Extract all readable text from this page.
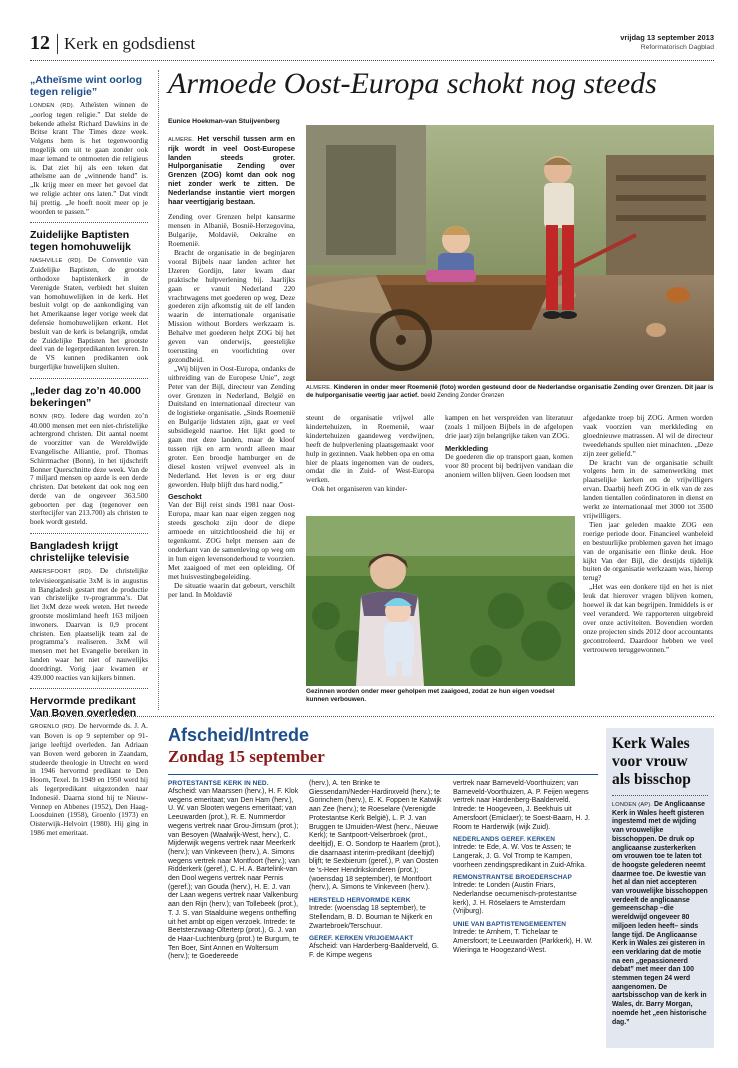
12 Kerk en godsdienst	vrijdag 13 september 2013
Reformatorisch Dagblad
„Atheïsme wint oorlog tegen religie”

LONDEN (RD). Atheïsten winnen de „oorlog tegen religie.” Dat stelde de bekende atheïst Richard Dawkins in de Britse krant The Times deze week. Volgens hem is het tegenwoordig mogelijk om uit te gaan zonder ook maar iemand te ontmoeten die religieus is. Dat ziet hij als een teken dat atheïsme aan de „winnende hand” is. „Ik krijg meer en meer het gevoel dat we religie achter ons laten.” Dat vindt hij prettig. „Je hoeft nooit meer op je woorden te passen.”

Zuidelijke Baptisten tegen homohuwelijk

NASHVILLE (RD). De Conventie van Zuidelijke Baptisten, de grootste orthodoxe baptistenkerk in de Verenigde Staten, verbiedt het sluiten van homohuwelijken in de kerk. Het besluit volgt op de aankondiging van het Amerikaanse leger vorige week dat defensie homohuwelijken erkent. Het besluit van de kerk is belangrijk, omdat de Zuidelijke Baptisten het grootste deel van de legerpredikanten leveren. In de VS kunnen predikanten ook burgerlijke huwelijken sluiten.

„Ieder dag zo’n 40.000 bekeringen”

BONN (RD). Iedere dag worden zo’n 40.000 mensen met een niet-christelijke achtergrond christen. Dit aantal noemt de voorzitter van de Wereldwijde Evangelische Alliantie, prof. Thomas Schirrmacher (Bonn), in het tijdschrift Bonner Querschnitte deze week. Van de 7 miljard mensen op aarde is een derde christen. Dat betekent dat ook nog een derde van de ongeveer 363.500 geboorten per dag (tegenover een sterftecijfer van 213.700) als christen te boek wordt gesteld.

Bangladesh krijgt christelijke televisie

AMERSFOORT (RD). De christelijke televisieorganisatie 3xM is in augustus in Bangladesh gestart met de productie van christelijke tv-programma’s. Dat liet 3xM deze week weten. Het tweede grootste moslimland heeft 163 miljoen inwoners. Daarvan is 0,9 procent christen. Een plaatselijk team zal de programma’s realiseren. 3xM wil mensen met het Evangelie bereiken in landen waar het niet of nauwelijks doordringt. Vorig jaar kwamen er 439.000 reacties van kijkers binnen.

Hervormde predikant Van Boven overleden

GROENLO (RD). De hervormde ds. J. A. van Boven is op 9 september op 91-jarige leeftijd overleden. Jan Adriaan van Boven werd geboren in Zaandam, studeerde theologie in Utrecht en werd in 1946 hervormd predikant te Den Hoorn, Texel. In 1949 en 1950 werd hij als legerpredikant uitgezonden naar Indonesië. Daarna stond hij te Nieuw-Vennep en Abbenes (1952), Den Haag-Loosduinen (1958), Groenlo (1973) en Oisterwijk-Helvoirt (1980). Hij ging in 1986 met emeritaat.

Armoede Oost-Europa schokt nog steeds
Eunice Hoekman-van Stuijvenberg

ALMERE. Het verschil tussen arm en rijk wordt in veel Oost-Europese landen steeds groter. Hulporganisatie Zending over Grenzen (ZOG) komt dan ook nog niet zonder werk te zitten. De Nederlandse instantie viert morgen haar veertigjarig bestaan.

Zending over Grenzen helpt kansarme mensen in Albanië, Bosnië-Herzegovina, Bulgarije, Moldavië, Oekraïne en Roemenië.

Bracht de organisatie in de beginjaren vooral Bijbels naar landen achter het IJzeren Gordijn, later kwam daar praktische hulpverlening bij. Jaarlijks gaan er vanuit Nederland 220 vrachtwagens met goederen op weg. Deze goederen zijn afkomstig uit de elf landen waarin de internationale organisatie Mission without Borders werkzaam is. Behalve met goederen helpt ZOG bij het geven van onderwijs, geestelijke toerusting en voorlichting over gezondheid.

„Wij blijven in Oost-Europa, ondanks de uitbreiding van de Europese Unie”, zegt Peter van der Bijl, directeur van Zending over Grenzen in Nederland, België en Duitsland en internationaal directeur van de logistieke organisatie. „Sinds Roemenië en Bulgarije lidstaten zijn, gaat er veel subsidiegeld naartoe. Het lijkt goed te gaan met deze landen, maar de kloof tussen rijk en arm wordt alleen maar groter. Een broodje hamburger en de diesel kosten vrijwel evenveel als in Nederland. Het leven is er erg duur geworden. Hulp blijft dus hard nodig.”

Geschokt

Van der Bijl reist sinds 1981 naar Oost-Europa, maar kan naar eigen zeggen nog steeds geschokt zijn door de diepe armoede en uitzichtloosheid die hij er tegenkomt. ZOG helpt mensen aan de onderkant van de samenleving op weg om in hun eigen levensonderhoud te voorzien. Met zaaigoed of met een opleiding. Of met huisvestingbegeleiding.

De situatie waarin dat gebeurt, verschilt per land. In Moldavië

ALMERE. Kinderen in onder meer Roemenië (foto) worden gesteund door de Nederlandse organisatie Zending over Grenzen. Dit jaar is de hulporganisatie veertig jaar actief. beeld Zending Zonder Grenzen

steunt de organisatie vrijwel alle kindertehuizen, in Roemenië, waar kindertehuizen gaandeweg verdwijnen, heeft de hulpverlening plaatsgemaakt voor hulp in gezinnen. Vaak hebben opa en oma hier de plaats ingenomen van de ouders, omdat die in Zuid- of West-Europa werken.

Ook het organiseren van kinder-

kampen en het verspreiden van literatuur (zoals 1 miljoen Bijbels in de afgelopen drie jaar) zijn belangrijke taken van ZOG.

Merkkleding

De goederen die op transport gaan, komen voor 80 procent bij bedrijven vandaan die anoniem willen blijven. Geen loodsen met

Gezinnen worden onder meer geholpen met zaaigoed, zodat ze hun eigen voedsel kunnen verbouwen.

afgedankte troep bij ZOG. Armen worden vaak voorzien van merkkleding en gloednieuwe matrassen. Al wil de directeur tweedehands spullen niet minachten. „Deze zijn zeer geliefd.”

De kracht van de organisatie schuilt volgens hem in de samenwerking met plaatselijke kerken en de vrijwilligers ervan. Daarbij heeft ZOG in elk van de zes landen tientallen coördinatoren in dienst en werkt ze internationaal met 3000 tot 3500 vrijwilligers.

Tien jaar geleden maakte ZOG een roerige periode door. Financieel wanbeleid en bestuurlijke problemen gaven het imago van de organisatie een flinke deuk. Hoe kijkt Van der Bijl, die destijds tijdelijk buiten de organisatie werkzaam was, hierop terug?

„Het was een donkere tijd en het is niet leuk dat hierover vragen blijven komen, hoewel ik dat kan begrijpen. Inmiddels is er veel veranderd. We rapporteren uitgebreid over onze activiteiten. Bovendien worden onze projecten sinds 2012 door accountants gecontroleerd. Daardoor hebben we veel vertrouwen teruggewonnen.”

Afscheid/Intrede
Zondag 15 september
PROTESTANTSE KERK IN NED.

Afscheid: van Maarssen (herv.), H. F. Klok wegens emeritaat; van Den Ham (herv.), U. W. van Slooten wegens emeritaat; van Leeuwarden (prot.), R. E. Nummerdor wegens vertrek naar Grou-Jirnsum (prot.); van Besoyen (Waalwijk-West, herv.), C. Mijderwijk wegens vertrek naar Meerkerk (herv.); van Vinkeveen (herv.), A. Simons wegens vertrek naar Montfoort (herv.); van Ridderkerk (geref.), C. H. A. Bartelink-van den Dool wegens vertrek naar Pernis (geref.); van Gouda (herv.), H. E. J. van der Laan wegens vertrek naar Valkenburg aan den Rijn (herv.); van Tollebeek (prot.), T. J. S. van Staalduine wegens ontheffing uit het ambt op eigen verzoek. Intrede: te Beetsterzwaag-Olterterp (prot.), G. J. van de Haar-Luchtenburg (prot.) te Burgum, te Ten Boer, Sint Annen en Woltersum (herv.); te Goedereede

(herv.), A. ten Brinke te Giessendam/Neder-Hardinxveld (herv.); te Gorinchem (herv.), E. K. Foppen te Katwijk aan Zee (herv.); te Roeselare (Verenigde Protestantse Kerk België), L. P. J. van Bruggen te IJmuiden-West (herv., Nieuwe Kerk); te Santpoort-Velserbroek (prot., deeltijd), E. O. Sondorp te Haarlem (prot.), die daarnaast interim-predikant (deeltijd) blijft; te Sexbierum (geref.), P. van Oosten te ’s-Heer Hendrikskinderen (prot.); (woensdag 18 september), te Montfoort (herv.), A. Simons te Vinkeveen (herv.).

HERSTELD HERVORMDE KERK

Intrede: (woensdag 18 september), te Stellendam, B. D. Bouman te Nijkerk en Zwartebroek/Terschuur.

GEREF. KERKEN VRIJGEMAAKT

Afscheid: van Harderberg-Baalderveld, G. F. de Kimpe wegens

vertrek naar Barneveld-Voorthuizen; van Barneveld-Voorthuizen, A. P. Feijen wegens vertrek naar Hardenberg-Baalderveld. Intrede: te Hoogeveen, J. Beekhuis uit Amersfoort (Emiclaer); te Soest-Baarn, H. J. Room te Harderwijk (wijk Zuid).

NEDERLANDS GEREF. KERKEN

Intrede: te Ede, A. W. Vos te Assen; te Langerak, J. G. Vol Tromp te Kampen, voorheen zendingspredikant in Zuid-Afrika.

REMONSTRANTSE BROEDERSCHAP

Intrede: te Londen (Austin Friars, Nederlandse oecumenisch-protestantse kerk), J. H. Röselaers te Amsterdam (Vrijburg).

UNIE VAN BAPTISTENGEMEENTEN

Intrede: te Arnhem, T. Tichelaar te Amersfoort; te Leeuwarden (Parkkerk), H. W. Wieringa te Hoogezand-West.

Kerk Wales voor vrouw als bisschop

LONDEN (AP). De Anglicaanse Kerk in Wales heeft gisteren ingestemd met de wijding van vrouwelijke bisschoppen. De druk op anglicaanse zusterkerken om vrouwen toe te laten tot de hoogste gelederen neemt daarmee toe. De kwestie van het al dan niet accepteren van vrouwelijke bisschoppen verdeelt de anglicaanse gemeenschap –die wereldwijd ongeveer 80 miljoen leden heeft– sinds lange tijd. De Anglicaanse Kerk in Wales zei gisteren in een verklaring dat de motie na een „gepassioneerd debat” met meer dan 100 stemmen tegen 24 werd aangenomen. De aartsbisschop van de kerk in Wales, dr. Barry Morgan, noemde het „een historische dag.”
